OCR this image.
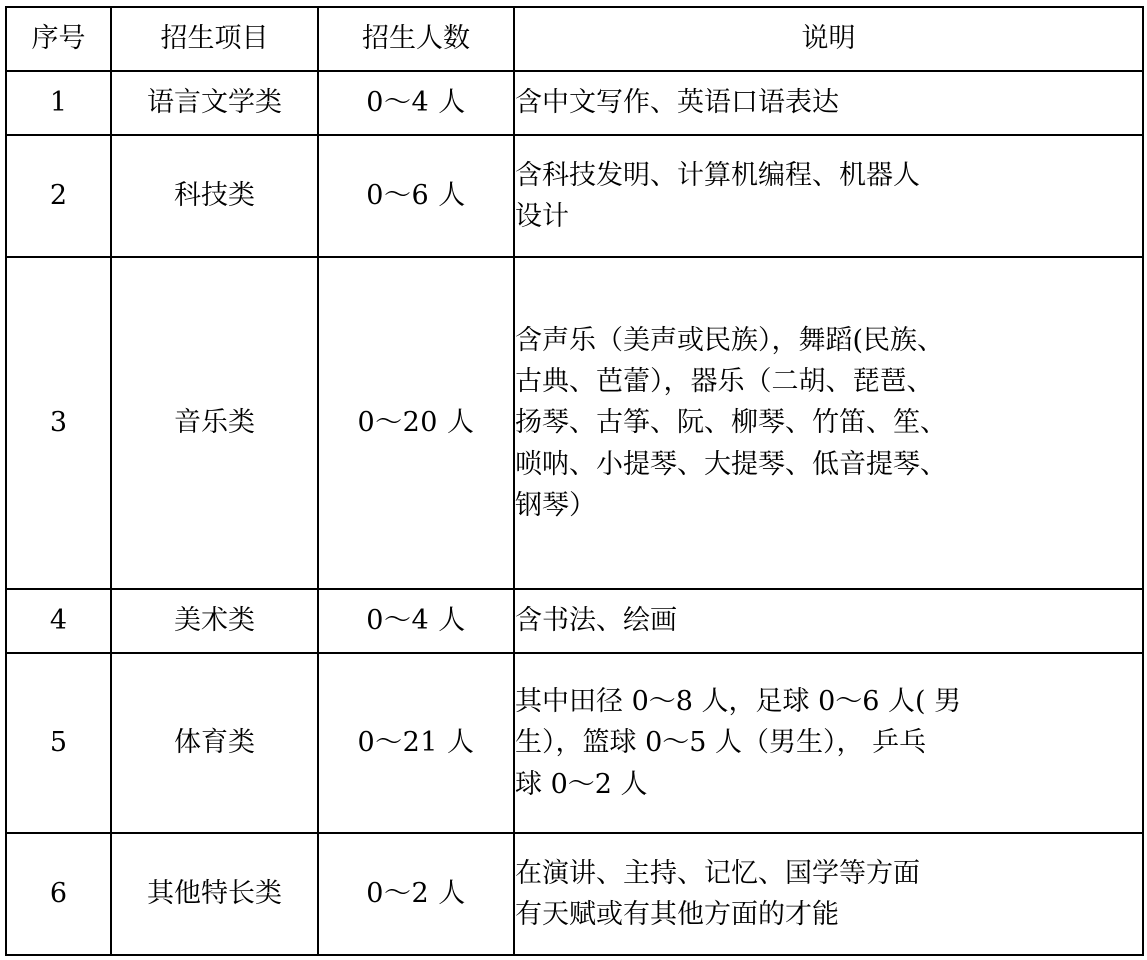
序号	招生项目	招生人数	说明
1	语言文学类	0～4 人	含中文写作、英语口语表达

2	科技类	0～6 人	含科技发明、计算机编程、机器人
设计

3	音乐类	0～20 人	含声乐（美声或民族），舞蹈(民族、
古典、芭蕾），器乐（二胡、琵琶、
扬琴、古筝、阮、柳琴、竹笛、笙、
唢呐、小提琴、大提琴、低音提琴、
钢琴）

4	美术类	0～4 人	含书法、绘画

5	体育类	0～21 人	其中田径 0～8 人，足球 0～6 人( 男
生），篮球 0～5 人（男生）， 乒乓
球 0～2 人

6	其他特长类	0～2 人	在演讲、主持、记忆、国学等方面
有天赋或有其他方面的才能
